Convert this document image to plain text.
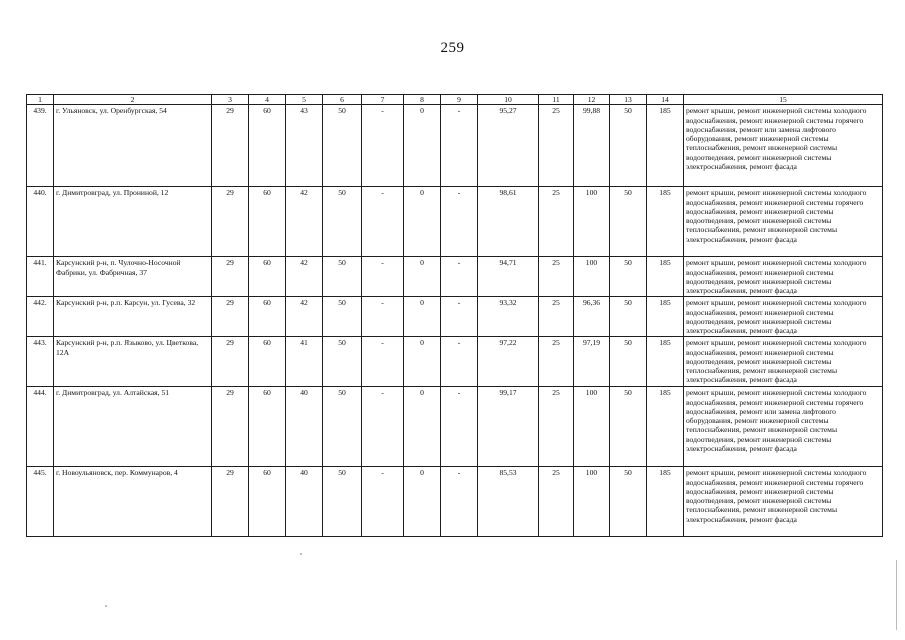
259
1	2	3	4	5	6	7	8	9	10	11	12	13	14	15
439.	г. Ульяновск, ул. Оренбургская, 54	29	60	43	50	-	0	-	95,27	25	99,88	50	185	ремонт крыши, ремонт инженерной системы холодного водоснабжения, ремонт инженерной системы горячего водоснабжения, ремонт или замена лифтового оборудования, ремонт инженерной системы теплоснабжения, ремонт инженерной системы водоотведения, ремонт инженерной системы электроснабжения, ремонт фасада
440.	г. Димитровград, ул. Прониной, 12	29	60	42	50	-	0	-	98,61	25	100	50	185	ремонт крыши, ремонт инженерной системы холодного водоснабжения, ремонт инженерной системы горячего водоснабжения, ремонт инженерной системы водоотведения, ремонт инженерной системы теплоснабжения, ремонт инженерной системы электроснабжения, ремонт фасада
441.	Карсунский р-н, п. Чулочно-Носочной Фабрики, ул. Фабричная, 37	29	60	42	50	-	0	-	94,71	25	100	50	185	ремонт крыши, ремонт инженерной системы холодного водоснабжения, ремонт инженерной системы водоотведения, ремонт инженерной системы электроснабжения, ремонт фасада
442.	Карсунский р-н, р.п. Карсун, ул. Гусева, 32	29	60	42	50	-	0	-	93,32	25	96,36	50	185	ремонт крыши, ремонт инженерной системы холодного водоснабжения, ремонт инженерной системы водоотведения, ремонт инженерной системы электроснабжения, ремонт фасада
443.	Карсунский р-н, р.п. Языково, ул. Цветкова, 12А	29	60	41	50	-	0	-	97,22	25	97,19	50	185	ремонт крыши, ремонт инженерной системы холодного водоснабжения, ремонт инженерной системы водоотведения, ремонт инженерной системы теплоснабжения, ремонт инженерной системы электроснабжения, ремонт фасада
444.	г. Димитровград, ул. Алтайская, 51	29	60	40	50	-	0	-	99,17	25	100	50	185	ремонт крыши, ремонт инженерной системы холодного водоснабжения, ремонт инженерной системы горячего водоснабжения, ремонт или замена лифтового оборудования, ремонт инженерной системы теплоснабжения, ремонт инженерной системы водоотведения, ремонт инженерной системы электроснабжения, ремонт фасада
445.	г. Новоульяновск, пер. Коммунаров, 4	29	60	40	50	-	0	-	85,53	25	100	50	185	ремонт крыши, ремонт инженерной системы холодного водоснабжения, ремонт инженерной системы горячего водоснабжения, ремонт инженерной системы водоотведения, ремонт инженерной системы теплоснабжения, ремонт инженерной системы электроснабжения, ремонт фасада
